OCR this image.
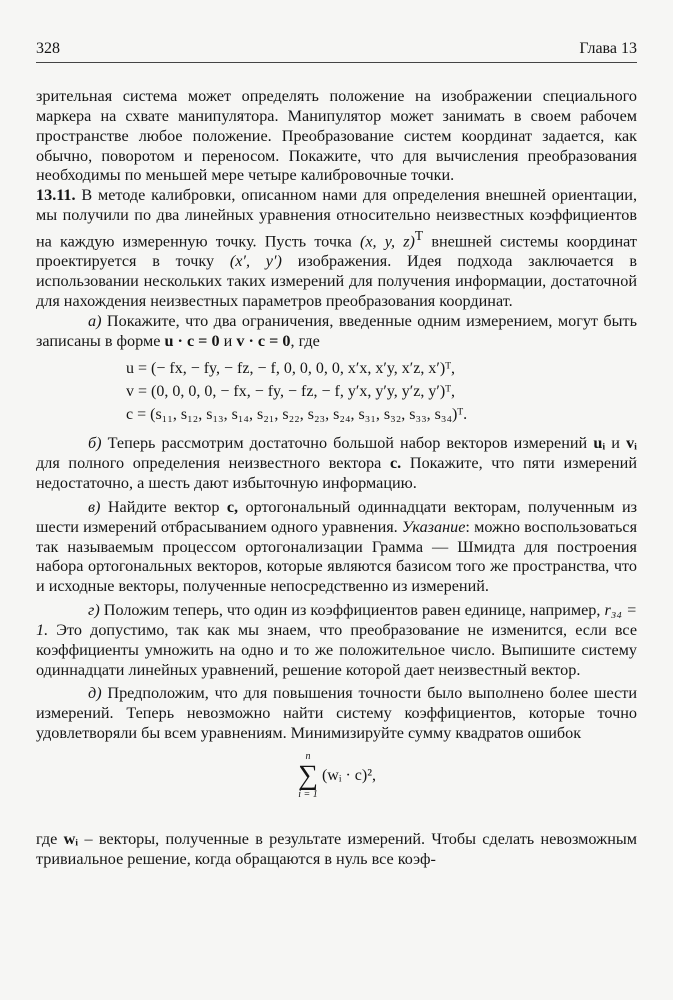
328	Глава 13

зрительная система может определять положение на изображении специального маркера на схвате манипулятора. Манипулятор может занимать в своем рабочем пространстве любое положение. Преобразование систем координат задается, как обычно, поворотом и переносом. Покажите, что для вычисления преобразования необходимы по меньшей мере четыре калибровочные точки.

13.11. В методе калибровки, описанном нами для определения внешней ориентации, мы получили по два линейных уравнения относительно неизвестных коэффициентов на каждую измеренную точку. Пусть точка (x, y, z)$^T$ внешней системы координат проектируется в точку (x′, y′) изображения. Идея подхода заключается в использовании нескольких таких измерений для получения информации, достаточной для нахождения неизвестных параметров преобразования координат.

а) Покажите, что два ограничения, введенные одним измерением, могут быть записаны в форме u · c = 0 и v · c = 0, где

u = (− fx, − fy, − fz, − f, 0, 0, 0, 0, x′x, x′y, x′z, x′)ᵀ,
v = (0, 0, 0, 0, − fx, − fy, − fz, − f, y′x, y′y, y′z, y′)ᵀ,
c = (s₁₁, s₁₂, s₁₃, s₁₄, s₂₁, s₂₂, s₂₃, s₂₄, s₃₁, s₃₂, s₃₃, s₃₄)ᵀ.

б) Теперь рассмотрим достаточно большой набор векторов измерений uᵢ и vᵢ для полного определения неизвестного вектора c. Покажите, что пяти измерений недостаточно, а шесть дают избыточную информацию.

в) Найдите вектор c, ортогональный одиннадцати векторам, полученным из шести измерений отбрасыванием одного уравнения. Указание: можно воспользоваться так называемым процессом ортогонализации Грамма — Шмидта для построения набора ортогональных векторов, которые являются базисом того же пространства, что и исходные векторы, полученные непосредственно из измерений.

г) Положим теперь, что один из коэффициентов равен единице, например, r₃₄ = 1. Это допустимо, так как мы знаем, что преобразование не изменится, если все коэффициенты умножить на одно и то же положительное число. Выпишите систему одиннадцати линейных уравнений, решение которой дает неизвестный вектор.

д) Предположим, что для повышения точности было выполнено более шести измерений. Теперь невозможно найти систему коэффициентов, которые точно удовлетворяли бы всем уравнениям. Минимизируйте сумму квадратов ошибок

n
∑
i = 1
(wᵢ · c)²,

где wᵢ – векторы, полученные в результате измерений. Чтобы сделать невозможным тривиальное решение, когда обращаются в нуль все коэф-
